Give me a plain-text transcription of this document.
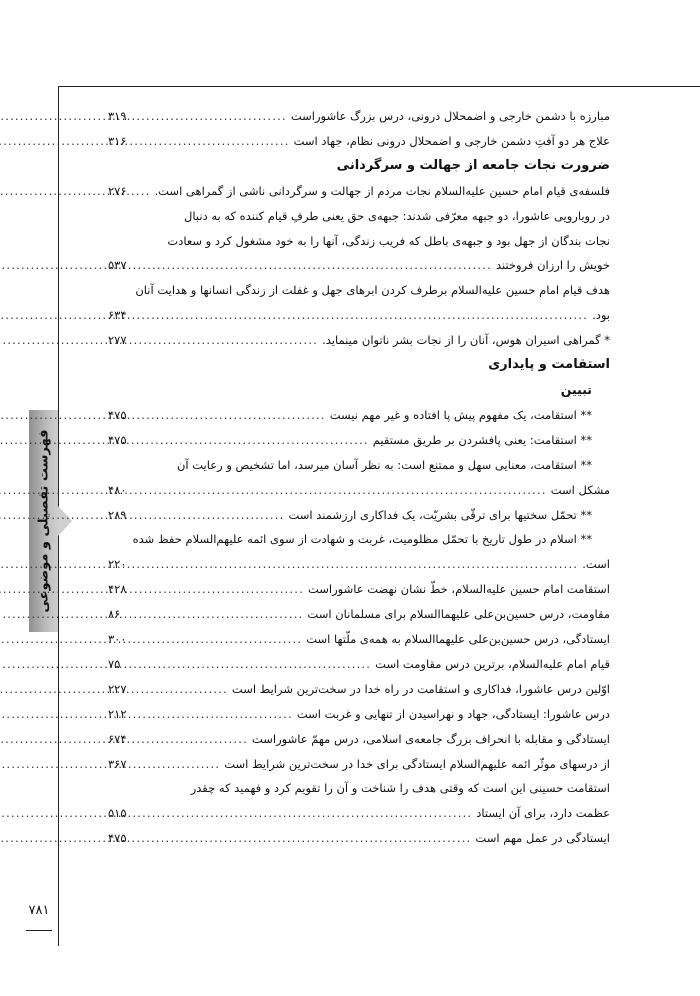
فهرست تفصیلی و موضوعی
۷۸۱
مبارزه با دشمن خارجی و اضمحلال درونی، درس بزرگ عاشوراست
.....
۳۱۹
علاج هر دو آفتِ دشمن خارجی و اضمحلال درونی نظام، جهاد است
.....
۳۱۶
ضرورت نجات جامعه از جهالت و سرگردانی
فلسفه‌ی قیام امام حسین علیه‌السلام نجات مردم از جهالت و سرگردانی ناشی از گمراهی است.
.....
۲۷۶
در رویارویی عاشورا، دو جبهه معرّفی شدند: جبهه‌ی حق یعنی طرفِ قیام کننده که به دنبال
نجات بندگان از جهل بود و جبهه‌ی باطل که فریب زندگی، آنها را به خود مشغول کرد و سعادت
خویش را ارزان فروختند
.....
۵۳۷
هدف قیام امام حسین علیه‌السلام برطرف کردن ابرهای جهل و غفلت از زندگی انسانها و هدایت آنان
بود.
.....
۶۳۴
* گمراهی اسیران هوس، آنان را از نجات بشر ناتوان مینماید.
.....
۲۷۷
استقامت و پایداری
تبیین
** استقامت، یک مفهوم پیش پا افتاده و غیر مهم نیست
.....
۴۷۵
** استقامت: یعنی پافشردن بر طریق مستقیم
.....
۴۷۵
** استقامت، معنایی سهل و ممتنع است: به نظر آسان میرسد، اما تشخیص و رعایت آن
مشکل است
.....
۴۸۰
** تحمّل سختیها برای ترقّی بشریّت، یک فداکاری ارزشمند است
.....
۲۸۹
** اسلام در طول تاریخ با تحمّل مظلومیت، غربت و شهادت از سوی ائمه علیهم‌السلام حفظ شده
است.
.....
۲۲۰
استقامت امام حسین علیه‌السلام، خطّ نشان نهضت عاشوراست
.....
۴۲۸
مقاومت، درس حسین‌بن‌علی علیهماالسلام برای مسلمانان است
.....
۸۶
ایستادگی، درس حسین‌بن‌علی علیهماالسلام به همه‌ی ملّتها است
.....
۳۰۰
قیام امام علیه‌السلام، برترین درس مقاومت است
.....
۷۵
اوّلین درس عاشورا، فداکاری و استقامت در راه خدا در سخت‌ترین شرایط است
.....
۲۲۷
درس عاشورا: ایستادگی، جهاد و نهراسیدن از تنهایی و غربت است
.....
۲۱۲
ایستادگی و مقابله با انحراف بزرگ جامعه‌ی اسلامی، درس مهمّ عاشوراست
.....
۶۷۴
از درسهای موثّر ائمه علیهم‌السلام ایستادگی برای خدا در سخت‌ترین شرایط است
.....
۳۶۷
استقامت حسینی این است که وقتی هدف را شناخت و آن را تقویم کرد و فهمید که چقدر
عظمت دارد، برای آن ایستاد
.....
۵۱۵
ایستادگی در عمل مهم است
.....
۴۷۵
